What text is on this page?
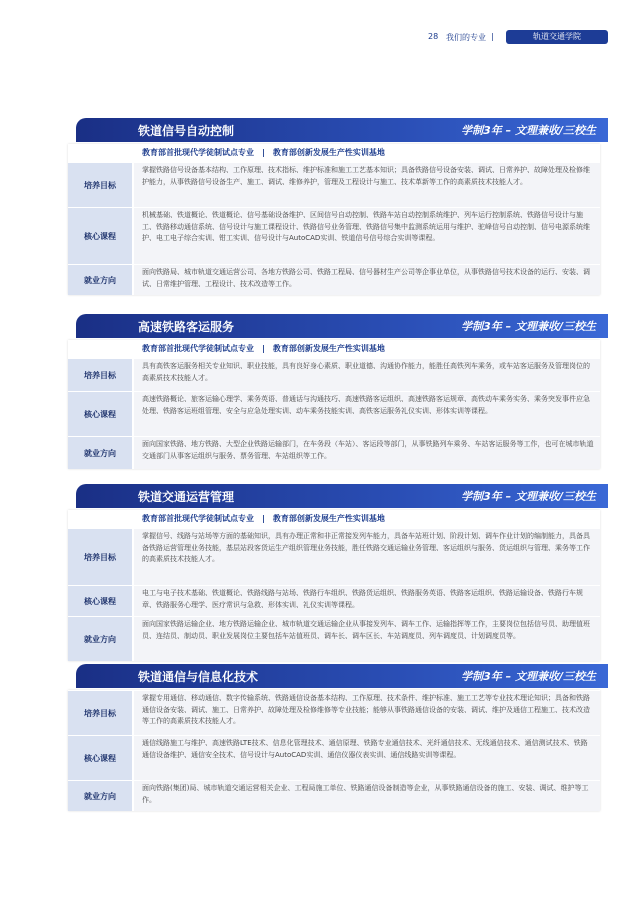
28 我们的专业 |	轨道交通学院
铁道信号自动控制	学制3年 – 文理兼收/三校生
教育部首批现代学徒制试点专业 | 教育部创新发展生产性实训基地
培养目标
掌握铁路信号设备基本结构、工作原理、技术指标、维护标准和施工工艺基本知识；具备铁路信号设备安装、调试、日常养护、故障处理及检修维护能力，从事铁路信号设备生产、施工、调试、维修养护，管理及工程设计与施工、技术革新等工作的高素质技术技能人才。
核心课程
机械基础、铁道概论、铁道概论、信号基础设备维护、区间信号自动控制、铁路车站自动控制系统维护、列车运行控制系统、铁路信号设计与施工、铁路移动通信系统、信号设计与施工课程设计、铁路信号业务管理、铁路信号集中监测系统运用与维护、驼峰信号自动控制、信号电源系统维护、电工电子综合实训、钳工实训、信号设计与AutoCAD实训、铁道信号信号综合实训等课程。
就业方向
面向铁路局、城市轨道交通运营公司、各地方铁路公司、铁路工程局、信号器材生产公司等企事业单位，从事铁路信号技术设备的运行、安装、调试、日常维护管理、工程设计、技术改造等工作。
高速铁路客运服务	学制3年 – 文理兼收/三校生
教育部首批现代学徒制试点专业 | 教育部创新发展生产性实训基地
培养目标
具有高铁客运服务相关专业知识、职业技能，具有良好身心素质、职业道德、沟通协作能力，能胜任高铁列车乘务，或车站客运服务及管理岗位的高素质技术技能人才。
核心课程
高速铁路概论、旅客运输心理学、乘务英语、普通话与沟通技巧、高速铁路客运组织、高速铁路客运规章、高铁动车乘务实务、乘务突发事件应急处理、铁路客运班组管理、安全与应急处理实训、动车乘务技能实训、高铁客运服务礼仪实训、形体实训等课程。
就业方向
面向国家铁路、地方铁路、大型企业铁路运输部门，在车务段（车站）、客运段等部门，从事铁路列车乘务、车站客运服务等工作，也可在城市轨道交通部门从事客运组织与服务、票务管理、车站组织等工作。
铁道交通运营管理	学制3年 – 文理兼收/三校生
教育部首批现代学徒制试点专业 | 教育部创新发展生产性实训基地
培养目标
掌握信号、线路与站场等方面的基础知识，具有办理正常和非正常接发列车能力，具备车站班计划、阶段计划、调车作业计划的编制能力，具备具备铁路运营管理业务技能，基层站段客货运生产组织管理业务技能，胜任铁路交通运输业务管理、客运组织与服务、货运组织与管理、乘务等工作的高素质技术技能人才。
核心课程
电工与电子技术基础、铁道概论、铁路线路与站场、铁路行车组织、铁路货运组织、铁路服务英语、铁路客运组织、铁路运输设备、铁路行车规章、铁路服务心理学、医疗常识与急救、形体实训、礼仪实训等课程。
就业方向
面向国家铁路运输企业、地方铁路运输企业、城市轨道交通运输企业从事接发列车、调车工作、运输指挥等工作，主要岗位包括信号员、助理值班员、连结员、制动员、职业发展岗位主要包括车站值班员、调车长、调车区长、车站调度员、列车调度员、计划调度员等。
铁道通信与信息化技术	学制3年 – 文理兼收/三校生
培养目标
掌握专用通信、移动通信、数字传输系统、铁路通信设备基本结构、工作原理、技术条件、维护标准、施工工艺等专业技术理论知识；具备和铁路通信设备安装、调试、施工、日常养护、故障处理及检修维修等专业技能；能够从事铁路通信设备的安装、调试、维护及通信工程施工、技术改造等工作的高素质技术技能人才。
核心课程
通信线路施工与维护、高速铁路LTE技术、信息化管理技术、通信原理、铁路专业通信技术、光纤通信技术、无线通信技术、通信测试技术、铁路通信设备维护、通信安全技术、信号设计与AutoCAD实训、通信仪器仪表实训、通信线路实训等课程。
就业方向
面向铁路(集团)局、城市轨道交通运营相关企业、工程局施工单位、铁路通信设备制造等企业，从事铁路通信设备的施工、安装、调试、维护等工作。
